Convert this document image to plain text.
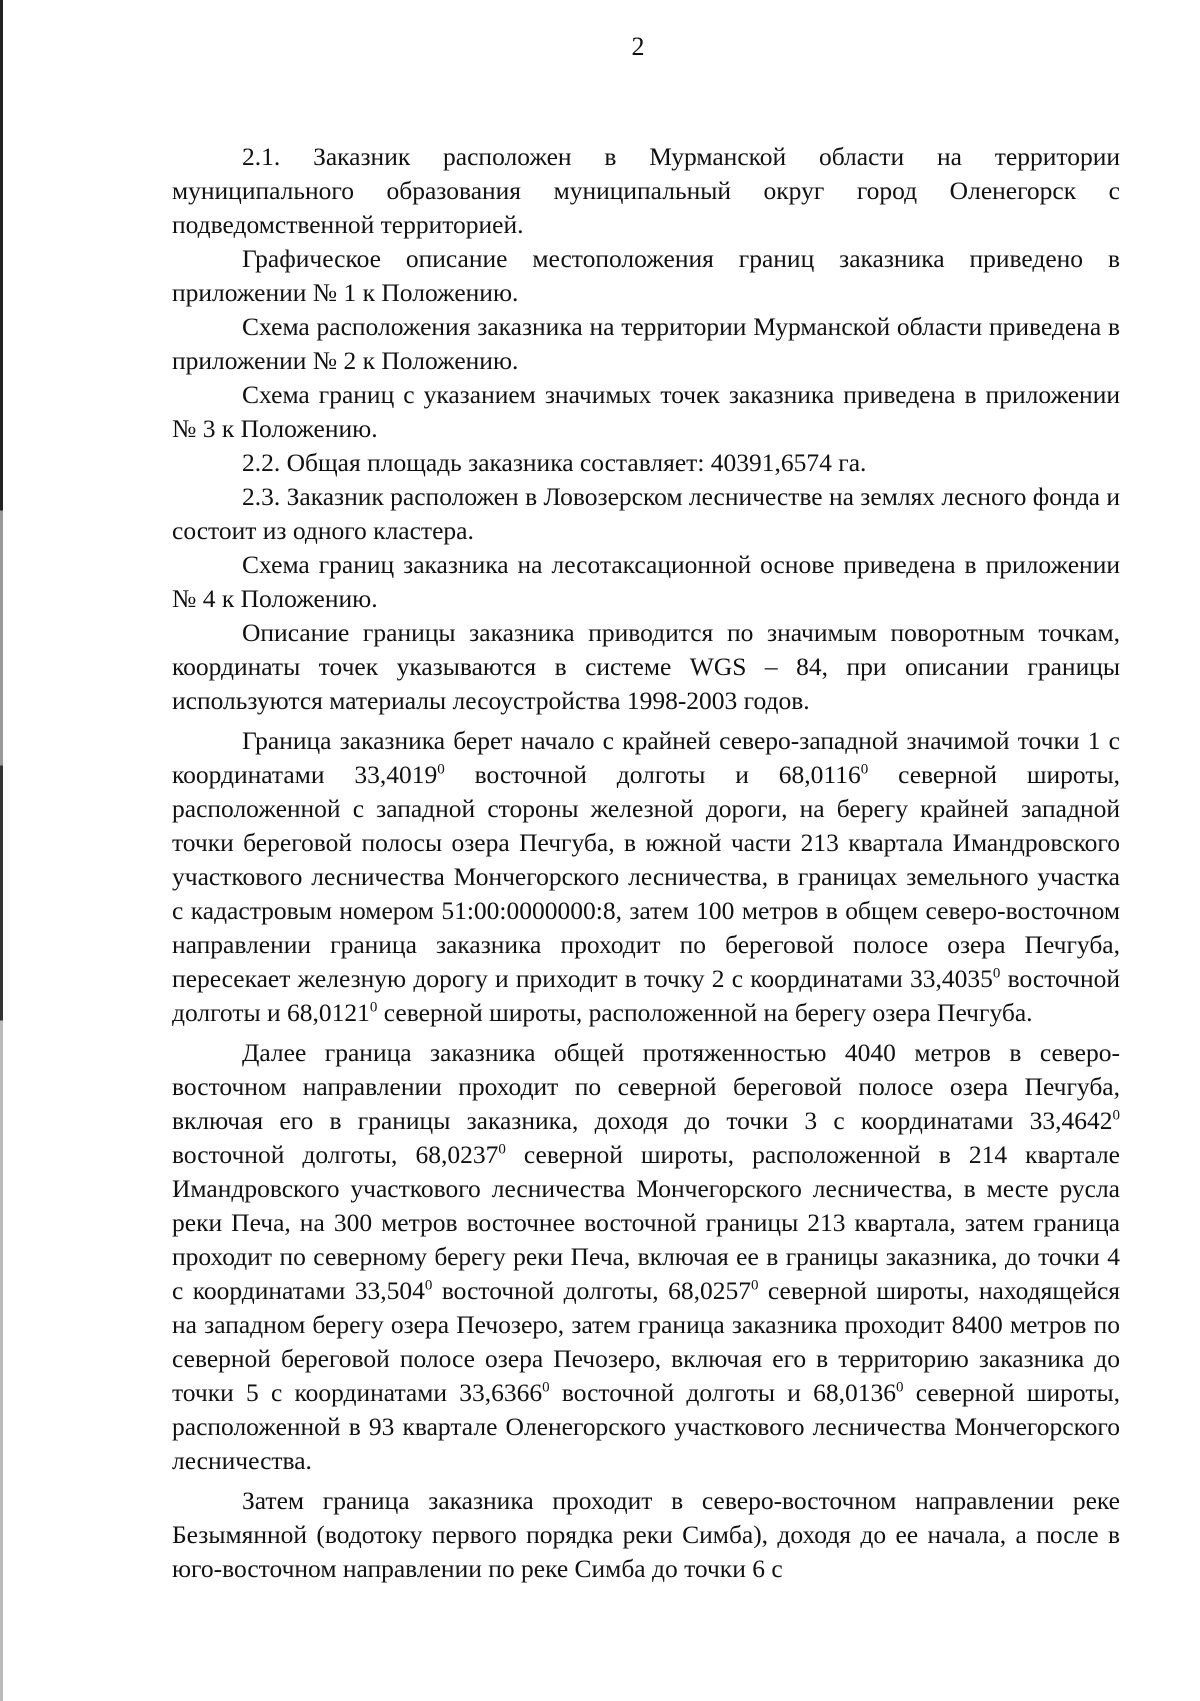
2

2.1. Заказник расположен в Мурманской области на территории муниципального образования муниципальный округ город Оленегорск с подведомственной территорией.

Графическое описание местоположения границ заказника приведено в приложении № 1 к Положению.

Схема расположения заказника на территории Мурманской области приведена в приложении № 2 к Положению.

Схема границ с указанием значимых точек заказника приведена в приложении № 3 к Положению.

2.2. Общая площадь заказника составляет: 40391,6574 га.

2.3. Заказник расположен в Ловозерском лесничестве на землях лесного фонда и состоит из одного кластера.

Схема границ заказника на лесотаксационной основе приведена в приложении № 4 к Положению.

Описание границы заказника приводится по значимым поворотным точкам, координаты точек указываются в системе WGS – 84, при описании границы используются материалы лесоустройства 1998-2003 годов.

Граница заказника берет начало с крайней северо-западной значимой точки 1 с координатами 33,4019$^0$ восточной долготы и 68,0116$^0$ северной широты, расположенной с западной стороны железной дороги, на берегу крайней западной точки береговой полосы озера Печгуба, в южной части 213 квартала Имандровского участкового лесничества Мончегорского лесничества, в границах земельного участка с кадастровым номером 51:00:0000000:8, затем 100 метров в общем северо-восточном направлении граница заказника проходит по береговой полосе озера Печгуба, пересекает железную дорогу и приходит в точку 2 с координатами 33,4035$^0$ восточной долготы и 68,0121$^0$ северной широты, расположенной на берегу озера Печгуба.

Далее граница заказника общей протяженностью 4040 метров в северо-восточном направлении проходит по северной береговой полосе озера Печгуба, включая его в границы заказника, доходя до точки 3 с координатами 33,4642$^0$ восточной долготы, 68,0237$^0$ северной широты, расположенной в 214 квартале Имандровского участкового лесничества Мончегорского лесничества, в месте русла реки Печа, на 300 метров восточнее восточной границы 213 квартала, затем граница проходит по северному берегу реки Печа, включая ее в границы заказника, до точки 4 с координатами 33,504$^0$ восточной долготы, 68,0257$^0$ северной широты, находящейся на западном берегу озера Печозеро, затем граница заказника проходит 8400 метров по северной береговой полосе озера Печозеро, включая его в территорию заказника до точки 5 с координатами 33,6366$^0$ восточной долготы и 68,0136$^0$ северной широты, расположенной в 93 квартале Оленегорского участкового лесничества Мончегорского лесничества.

Затем граница заказника проходит в северо-восточном направлении реке Безымянной (водотоку первого порядка реки Симба), доходя до ее начала, а после в юго-восточном направлении по реке Симба до точки 6 с
